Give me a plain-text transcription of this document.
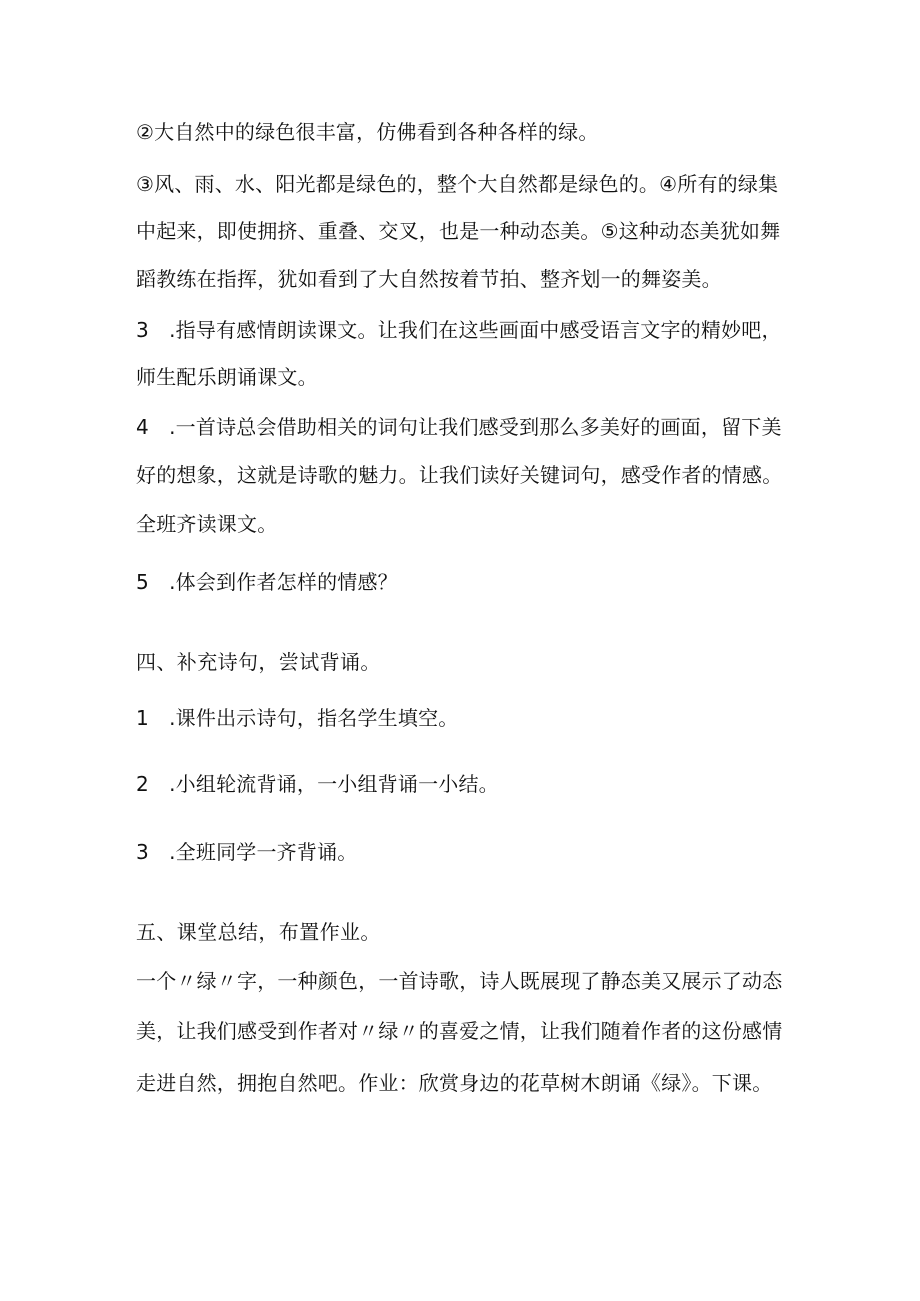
②大自然中的绿色很丰富，仿佛看到各种各样的绿。
③风、雨、水、阳光都是绿色的，整个大自然都是绿色的。④所有的绿集
中起来，即使拥挤、重叠、交叉，也是一种动态美。⑤这种动态美犹如舞
蹈教练在指挥，犹如看到了大自然按着节拍、整齐划一的舞姿美。
3　.指导有感情朗读课文。让我们在这些画面中感受语言文字的精妙吧，
师生配乐朗诵课文。
4　.一首诗总会借助相关的词句让我们感受到那么多美好的画面，留下美
好的想象，这就是诗歌的魅力。让我们读好关键词句，感受作者的情感。
全班齐读课文。
5　.体会到作者怎样的情感？
四、补充诗句，尝试背诵。
1　.课件出示诗句，指名学生填空。
2　.小组轮流背诵，一小组背诵一小结。
3　.全班同学一齐背诵。
五、课堂总结，布置作业。
一个〃绿〃字，一种颜色，一首诗歌，诗人既展现了静态美又展示了动态
美，让我们感受到作者对〃绿〃的喜爱之情，让我们随着作者的这份感情
走进自然，拥抱自然吧。作业：欣赏身边的花草树木朗诵《绿》。下课。
